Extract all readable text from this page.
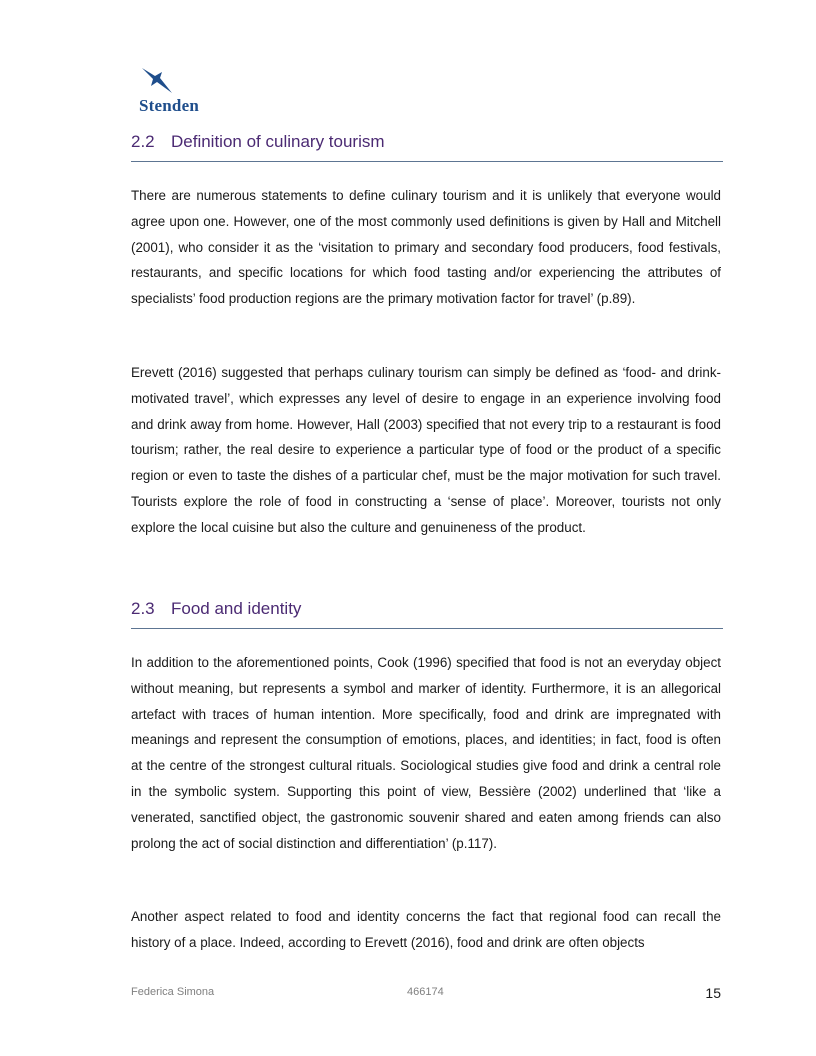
Stenden
2.2 Definition of culinary tourism

There are numerous statements to define culinary tourism and it is unlikely that everyone would agree upon one. However, one of the most commonly used definitions is given by Hall and Mitchell (2001), who consider it as the ‘visitation to primary and secondary food producers, food festivals, restaurants, and specific locations for which food tasting and/or experiencing the attributes of specialists’ food production regions are the primary motivation factor for travel’ (p.89).

Erevett (2016) suggested that perhaps culinary tourism can simply be defined as ‘food- and drink-motivated travel’, which expresses any level of desire to engage in an experience involving food and drink away from home. However, Hall (2003) specified that not every trip to a restaurant is food tourism; rather, the real desire to experience a particular type of food or the product of a specific region or even to taste the dishes of a particular chef, must be the major motivation for such travel. Tourists explore the role of food in constructing a ‘sense of place’. Moreover, tourists not only explore the local cuisine but also the culture and genuineness of the product.

2.3 Food and identity

In addition to the aforementioned points, Cook (1996) specified that food is not an everyday object without meaning, but represents a symbol and marker of identity. Furthermore, it is an allegorical artefact with traces of human intention. More specifically, food and drink are impregnated with meanings and represent the consumption of emotions, places, and identities; in fact, food is often at the centre of the strongest cultural rituals. Sociological studies give food and drink a central role in the symbolic system. Supporting this point of view, Bessière (2002) underlined that ‘like a venerated, sanctified object, the gastronomic souvenir shared and eaten among friends can also prolong the act of social distinction and differentiation’ (p.117).

Another aspect related to food and identity concerns the fact that regional food can recall the history of a place. Indeed, according to Erevett (2016), food and drink are often objects

Federica Simona	466174	15
